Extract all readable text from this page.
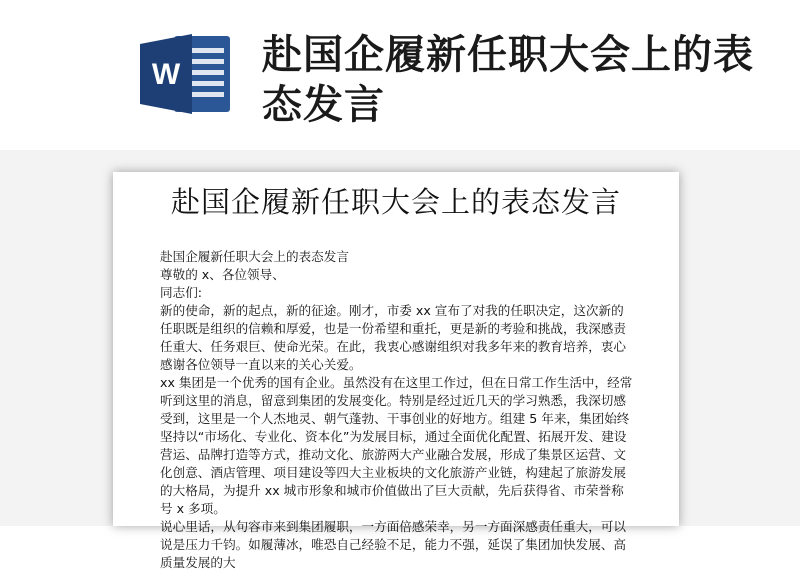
W 赴国企履新任职大会上的表态发言
赴国企履新任职大会上的表态发言

赴国企履新任职大会上的表态发言

尊敬的 x、各位领导、

同志们:

新的使命，新的起点，新的征途。刚才，市委 xx 宣布了对我的任职决定，这次新的任职既是组织的信赖和厚爱，也是一份希望和重托，更是新的考验和挑战，我深感责任重大、任务艰巨、使命光荣。在此，我衷心感谢组织对我多年来的教育培养，衷心感谢各位领导一直以来的关心关爱。

xx 集团是一个优秀的国有企业。虽然没有在这里工作过，但在日常工作生活中，经常听到这里的消息，留意到集团的发展变化。特别是经过近几天的学习熟悉，我深切感受到，这里是一个人杰地灵、朝气蓬勃、干事创业的好地方。组建 5 年来，集团始终坚持以“市场化、专业化、资本化”为发展目标，通过全面优化配置、拓展开发、建设营运、品牌打造等方式，推动文化、旅游两大产业融合发展，形成了集景区运营、文化创意、酒店管理、项目建设等四大主业板块的文化旅游产业链，构建起了旅游发展的大格局，为提升 xx 城市形象和城市价值做出了巨大贡献，先后获得省、市荣誉称号 x 多项。

说心里话，从句容市来到集团履职，一方面倍感荣幸，另一方面深感责任重大，可以说是压力千钧。如履薄冰，唯恐自己经验不足，能力不强，延误了集团加快发展、高质量发展的大
